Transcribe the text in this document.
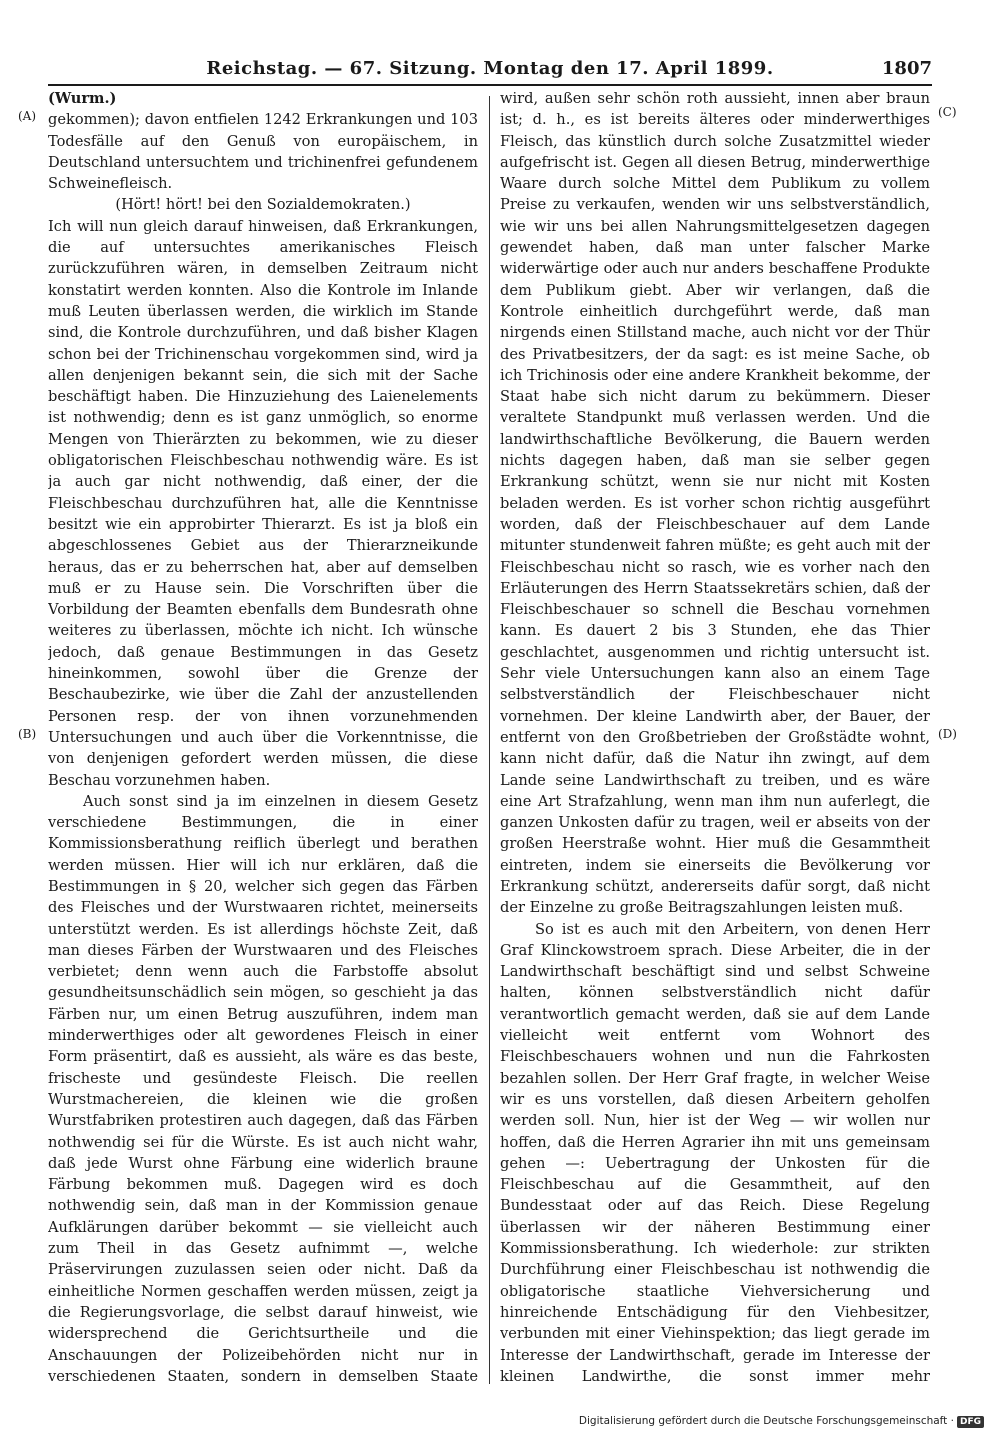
Reichstag. — 67. Sitzung. Montag den 17. April 1899.	1807
(A)
(B)
(C)
(D)

(Wurm.)

gekommen); davon entfielen 1242 Erkrankungen und 103 Todesfälle auf den Genuß von europäischem, in Deutschland untersuchtem und trichinenfrei gefundenem Schweinefleisch.

(Hört! hört! bei den Sozialdemokraten.)

Ich will nun gleich darauf hinweisen, daß Erkrankungen, die auf untersuchtes amerikanisches Fleisch zurückzuführen wären, in demselben Zeitraum nicht konstatirt werden konnten. Also die Kontrole im Inlande muß Leuten überlassen werden, die wirklich im Stande sind, die Kontrole durchzuführen, und daß bisher Klagen schon bei der Trichinenschau vorgekommen sind, wird ja allen denjenigen bekannt sein, die sich mit der Sache beschäftigt haben. Die Hinzuziehung des Laienelements ist nothwendig; denn es ist ganz unmöglich, so enorme Mengen von Thierärzten zu bekommen, wie zu dieser obligatorischen Fleischbeschau nothwendig wäre. Es ist ja auch gar nicht nothwendig, daß einer, der die Fleischbeschau durchzuführen hat, alle die Kenntnisse besitzt wie ein approbirter Thierarzt. Es ist ja bloß ein abgeschlossenes Gebiet aus der Thierarzneikunde heraus, das er zu beherrschen hat, aber auf demselben muß er zu Hause sein. Die Vorschriften über die Vorbildung der Beamten ebenfalls dem Bundesrath ohne weiteres zu überlassen, möchte ich nicht. Ich wünsche jedoch, daß genaue Bestimmungen in das Gesetz hineinkommen, sowohl über die Grenze der Beschaubezirke, wie über die Zahl der anzustellenden Personen resp. der von ihnen vorzunehmenden Untersuchungen und auch über die Vorkenntnisse, die von denjenigen gefordert werden müssen, die diese Beschau vorzunehmen haben.

Auch sonst sind ja im einzelnen in diesem Gesetz verschiedene Bestimmungen, die in einer Kommissionsberathung reiflich überlegt und berathen werden müssen. Hier will ich nur erklären, daß die Bestimmungen in § 20, welcher sich gegen das Färben des Fleisches und der Wurstwaaren richtet, meinerseits unterstützt werden. Es ist allerdings höchste Zeit, daß man dieses Färben der Wurstwaaren und des Fleisches verbietet; denn wenn auch die Farbstoffe absolut gesundheitsunschädlich sein mögen, so geschieht ja das Färben nur, um einen Betrug auszuführen, indem man minderwerthiges oder alt gewordenes Fleisch in einer Form präsentirt, daß es aussieht, als wäre es das beste, frischeste und gesündeste Fleisch. Die reellen Wurstmachereien, die kleinen wie die großen Wurstfabriken protestiren auch dagegen, daß das Färben nothwendig sei für die Würste. Es ist auch nicht wahr, daß jede Wurst ohne Färbung eine widerlich braune Färbung bekommen muß. Dagegen wird es doch nothwendig sein, daß man in der Kommission genaue Aufklärungen darüber bekommt — sie vielleicht auch zum Theil in das Gesetz aufnimmt —, welche Präservirungen zuzulassen seien oder nicht. Daß da einheitliche Normen geschaffen werden müssen, zeigt ja die Regierungsvorlage, die selbst darauf hinweist, wie widersprechend die Gerichtsurtheile und die Anschauungen der Polizeibehörden nicht nur in verschiedenen Staaten, sondern in demselben Staate

wird, außen sehr schön roth aussieht, innen aber braun ist; d. h., es ist bereits älteres oder minderwerthiges Fleisch, das künstlich durch solche Zusatzmittel wieder aufgefrischt ist. Gegen all diesen Betrug, minderwerthige Waare durch solche Mittel dem Publikum zu vollem Preise zu verkaufen, wenden wir uns selbstverständlich, wie wir uns bei allen Nahrungsmittelgesetzen dagegen gewendet haben, daß man unter falscher Marke widerwärtige oder auch nur anders beschaffene Produkte dem Publikum giebt. Aber wir verlangen, daß die Kontrole einheitlich durchgeführt werde, daß man nirgends einen Stillstand mache, auch nicht vor der Thür des Privatbesitzers, der da sagt: es ist meine Sache, ob ich Trichinosis oder eine andere Krankheit bekomme, der Staat habe sich nicht darum zu bekümmern. Dieser veraltete Standpunkt muß verlassen werden. Und die landwirthschaftliche Bevölkerung, die Bauern werden nichts dagegen haben, daß man sie selber gegen Erkrankung schützt, wenn sie nur nicht mit Kosten beladen werden. Es ist vorher schon richtig ausgeführt worden, daß der Fleischbeschauer auf dem Lande mitunter stundenweit fahren müßte; es geht auch mit der Fleischbeschau nicht so rasch, wie es vorher nach den Erläuterungen des Herrn Staatssekretärs schien, daß der Fleischbeschauer so schnell die Beschau vornehmen kann. Es dauert 2 bis 3 Stunden, ehe das Thier geschlachtet, ausgenommen und richtig untersucht ist. Sehr viele Untersuchungen kann also an einem Tage selbstverständlich der Fleischbeschauer nicht vornehmen. Der kleine Landwirth aber, der Bauer, der entfernt von den Großbetrieben der Großstädte wohnt, kann nicht dafür, daß die Natur ihn zwingt, auf dem Lande seine Landwirthschaft zu treiben, und es wäre eine Art Strafzahlung, wenn man ihm nun auferlegt, die ganzen Unkosten dafür zu tragen, weil er abseits von der großen Heerstraße wohnt. Hier muß die Gesammtheit eintreten, indem sie einerseits die Bevölkerung vor Erkrankung schützt, andererseits dafür sorgt, daß nicht der Einzelne zu große Beitragszahlungen leisten muß.

So ist es auch mit den Arbeitern, von denen Herr Graf Klinckowstroem sprach. Diese Arbeiter, die in der Landwirthschaft beschäftigt sind und selbst Schweine halten, können selbstverständlich nicht dafür verantwortlich gemacht werden, daß sie auf dem Lande vielleicht weit entfernt vom Wohnort des Fleischbeschauers wohnen und nun die Fahrkosten bezahlen sollen. Der Herr Graf fragte, in welcher Weise wir es uns vorstellen, daß diesen Arbeitern geholfen werden soll. Nun, hier ist der Weg — wir wollen nur hoffen, daß die Herren Agrarier ihn mit uns gemeinsam gehen —: Uebertragung der Unkosten für die Fleischbeschau auf die Gesammtheit, auf den Bundesstaat oder auf das Reich. Diese Regelung überlassen wir der näheren Bestimmung einer Kommissionsberathung. Ich wiederhole: zur strikten Durchführung einer Fleischbeschau ist nothwendig die obligatorische staatliche Viehversicherung und hinreichende Entschädigung für den Viehbesitzer, verbunden mit einer Viehinspektion; das liegt gerade im Interesse der Landwirthschaft, gerade im Interesse der kleinen Landwirthe, die sonst immer mehr

Digitalisierung gefördert durch die Deutsche Forschungsgemeinschaft · DFG
